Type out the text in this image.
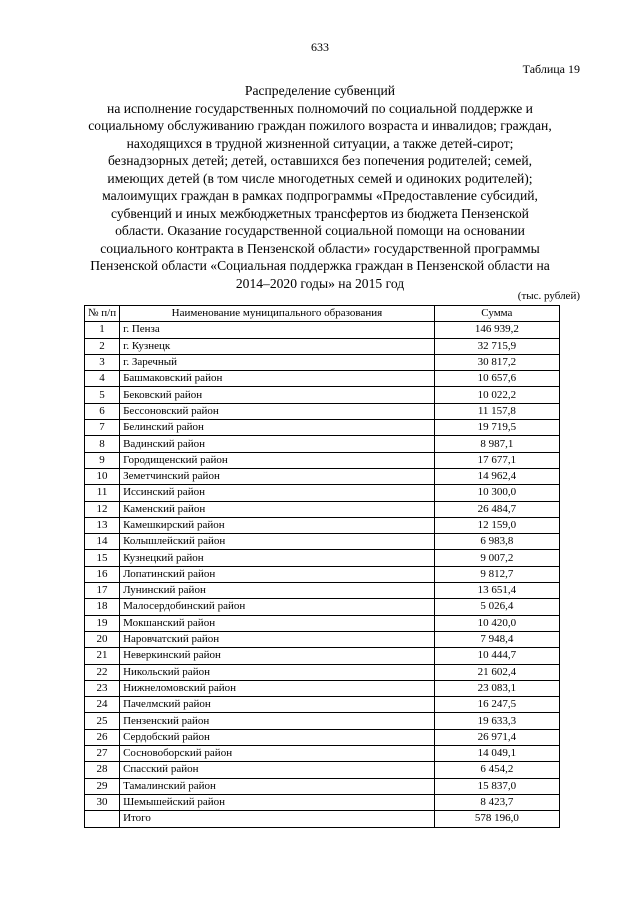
633
Таблица 19

Распределение субвенций

на исполнение государственных полномочий по социальной поддержке и

социальному обслуживанию граждан пожилого возраста и инвалидов; граждан,

находящихся в трудной жизненной ситуации, а также детей-сирот;

безнадзорных детей; детей, оставшихся без попечения родителей; семей,

имеющих детей (в том числе многодетных семей и одиноких родителей);

малоимущих граждан в рамках подпрограммы «Предоставление субсидий,

субвенций и иных межбюджетных трансфертов из бюджета Пензенской

области. Оказание государственной социальной помощи на основании

социального контракта в Пензенской области» государственной программы

Пензенской области «Социальная поддержка граждан в Пензенской области на

2014–2020 годы» на 2015 год

(тыс. рублей)
№ п/п	Наименование муниципального образования	Сумма
1	г. Пенза	146 939,2
2	г. Кузнецк	32 715,9
3	г. Заречный	30 817,2
4	Башмаковский район	10 657,6
5	Бековский район	10 022,2
6	Бессоновский район	11 157,8
7	Белинский район	19 719,5
8	Вадинский район	8 987,1
9	Городищенский район	17 677,1
10	Земетчинский район	14 962,4
11	Иссинский район	10 300,0
12	Каменский район	26 484,7
13	Камешкирский район	12 159,0
14	Колышлейский район	6 983,8
15	Кузнецкий район	9 007,2
16	Лопатинский район	9 812,7
17	Лунинский район	13 651,4
18	Малосердобинский район	5 026,4
19	Мокшанский район	10 420,0
20	Наровчатский район	7 948,4
21	Неверкинский район	10 444,7
22	Никольский район	21 602,4
23	Нижнеломовский район	23 083,1
24	Пачелмский район	16 247,5
25	Пензенский район	19 633,3
26	Сердобский район	26 971,4
27	Сосновоборский район	14 049,1
28	Спасский район	6 454,2
29	Тамалинский район	15 837,0
30	Шемышейский район	8 423,7
	Итого	578 196,0
